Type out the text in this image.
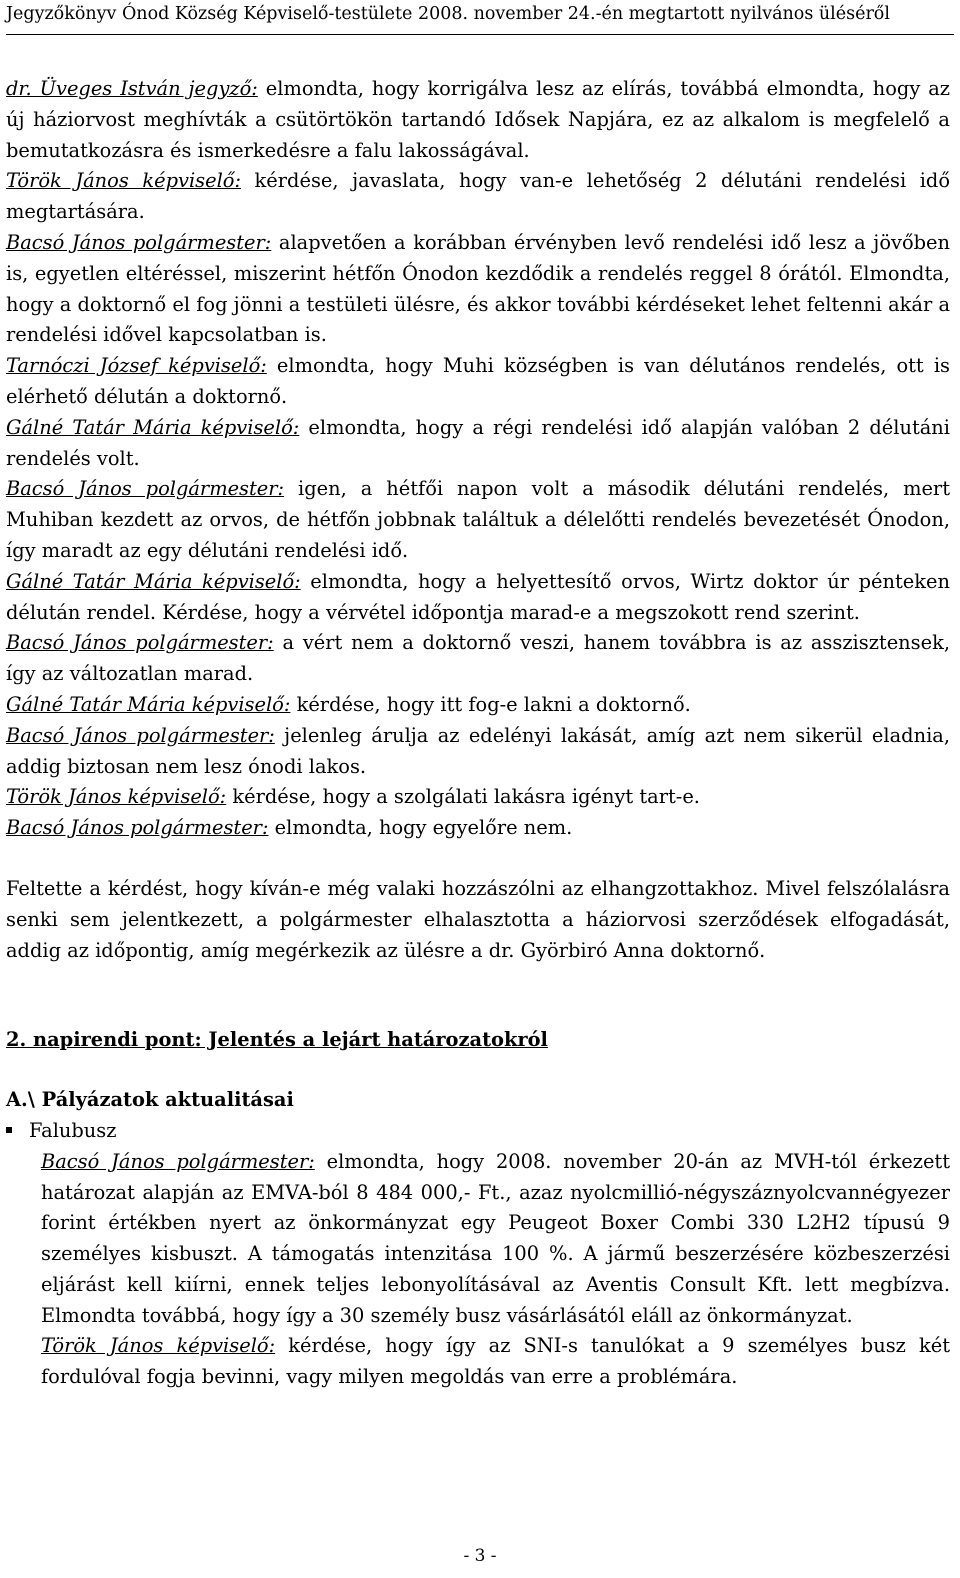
Jegyzőkönyv Ónod Község Képviselő-testülete 2008. november 24.-én megtartott nyilvános üléséről

dr. Üveges István jegyző: elmondta, hogy korrigálva lesz az elírás, továbbá elmondta, hogy az új háziorvost meghívták a csütörtökön tartandó Idősek Napjára, ez az alkalom is megfelelő a bemutatkozásra és ismerkedésre a falu lakosságával.

Török János képviselő: kérdése, javaslata, hogy van-e lehetőség 2 délutáni rendelési idő megtartására.

Bacsó János polgármester: alapvetően a korábban érvényben levő rendelési idő lesz a jövőben is, egyetlen eltéréssel, miszerint hétfőn Ónodon kezdődik a rendelés reggel 8 órától. Elmondta, hogy a doktornő el fog jönni a testületi ülésre, és akkor további kérdéseket lehet feltenni akár a rendelési idővel kapcsolatban is.

Tarnóczi József képviselő: elmondta, hogy Muhi községben is van délutános rendelés, ott is elérhető délután a doktornő.

Gálné Tatár Mária képviselő: elmondta, hogy a régi rendelési idő alapján valóban 2 délutáni rendelés volt.

Bacsó János polgármester: igen, a hétfői napon volt a második délutáni rendelés, mert Muhiban kezdett az orvos, de hétfőn jobbnak találtuk a délelőtti rendelés bevezetését Ónodon, így maradt az egy délutáni rendelési idő.

Gálné Tatár Mária képviselő: elmondta, hogy a helyettesítő orvos, Wirtz doktor úr pénteken délután rendel. Kérdése, hogy a vérvétel időpontja marad-e a megszokott rend szerint.

Bacsó János polgármester: a vért nem a doktornő veszi, hanem továbbra is az asszisztensek, így az változatlan marad.

Gálné Tatár Mária képviselő: kérdése, hogy itt fog-e lakni a doktornő.

Bacsó János polgármester: jelenleg árulja az edelényi lakását, amíg azt nem sikerül eladnia, addig biztosan nem lesz ónodi lakos.

Török János képviselő: kérdése, hogy a szolgálati lakásra igényt tart-e.

Bacsó János polgármester: elmondta, hogy egyelőre nem.

Feltette a kérdést, hogy kíván-e még valaki hozzászólni az elhangzottakhoz. Mivel felszólalásra senki sem jelentkezett, a polgármester elhalasztotta a háziorvosi szerződések elfogadását, addig az időpontig, amíg megérkezik az ülésre a dr. Györbiró Anna doktornő.

2. napirendi pont: Jelentés a lejárt határozatokról

A.\ Pályázatok aktualitásai

Falubusz

Bacsó János polgármester: elmondta, hogy 2008. november 20-án az MVH-tól érkezett határozat alapján az EMVA-ból 8 484 000,- Ft., azaz nyolcmillió-négyszáznyolcvannégyezer forint értékben nyert az önkormányzat egy Peugeot Boxer Combi 330 L2H2 típusú 9 személyes kisbuszt. A támogatás intenzitása 100 %. A jármű beszerzésére közbeszerzési eljárást kell kiírni, ennek teljes lebonyolításával az Aventis Consult Kft. lett megbízva. Elmondta továbbá, hogy így a 30 személy busz vásárlásától eláll az önkormányzat.

Török János képviselő: kérdése, hogy így az SNI-s tanulókat a 9 személyes busz két fordulóval fogja bevinni, vagy milyen megoldás van erre a problémára.

- 3 -
